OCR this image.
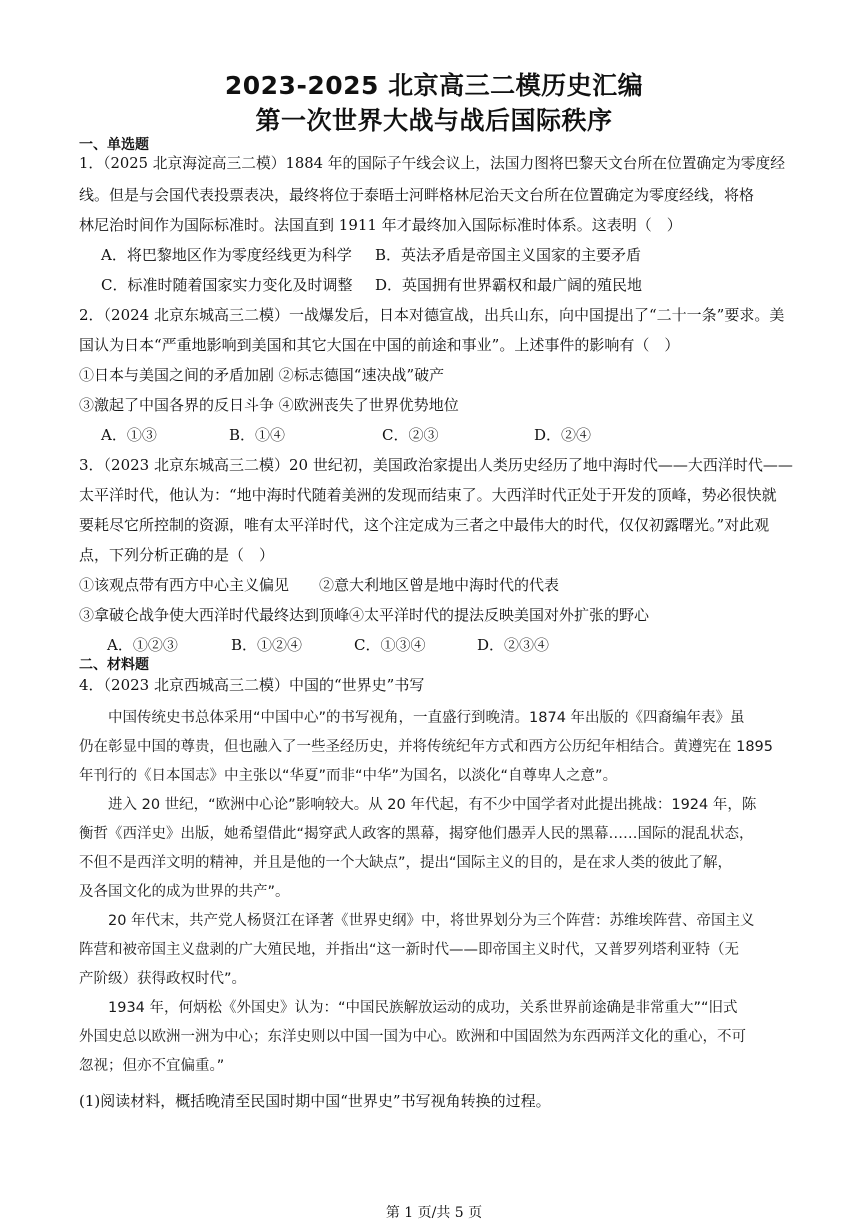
2023-2025 北京高三二模历史汇编
第一次世界大战与战后国际秩序
一、单选题
1．（2025 北京海淀高三二模）1884 年的国际子午线会议上，法国力图将巴黎天文台所在位置确定为零度经
线。但是与会国代表投票表决，最终将位于泰晤士河畔格林尼治天文台所在位置确定为零度经线，将格
林尼治时间作为国际标准时。法国直到 1911 年才最终加入国际标准时体系。这表明（　）
A．将巴黎地区作为零度经线更为科学 B．英法矛盾是帝国主义国家的主要矛盾
C．标准时随着国家实力变化及时调整 D．英国拥有世界霸权和最广阔的殖民地
2．（2024 北京东城高三二模）一战爆发后，日本对德宣战，出兵山东，向中国提出了“二十一条”要求。美
国认为日本“严重地影响到美国和其它大国在中国的前途和事业”。上述事件的影响有（　）
①日本与美国之间的矛盾加剧 ②标志德国“速决战”破产
③激起了中国各界的反日斗争 ④欧洲丧失了世界优势地位
A．①③	B．①④	C．②③	D．②④
3．（2023 北京东城高三二模）20 世纪初，美国政治家提出人类历史经历了地中海时代——大西洋时代——
太平洋时代，他认为：“地中海时代随着美洲的发现而结束了。大西洋时代正处于开发的顶峰，势必很快就
要耗尽它所控制的资源，唯有太平洋时代，这个注定成为三者之中最伟大的时代，仅仅初露曙光。”对此观
点，下列分析正确的是（　）
①该观点带有西方中心主义偏见　　②意大利地区曾是地中海时代的代表
③拿破仑战争使大西洋时代最终达到顶峰④太平洋时代的提法反映美国对外扩张的野心
A．①②③	B．①②④	C．①③④	D．②③④
二、材料题
4．（2023 北京西城高三二模）中国的“世界史”书写
　　中国传统史书总体采用“中国中心”的书写视角，一直盛行到晚清。1874 年出版的《四裔编年表》虽
仍在彰显中国的尊贵，但也融入了一些圣经历史，并将传统纪年方式和西方公历纪年相结合。黄遵宪在 1895
年刊行的《日本国志》中主张以“华夏”而非“中华”为国名，以淡化“自尊卑人之意”。
　　进入 20 世纪，“欧洲中心论”影响较大。从 20 年代起，有不少中国学者对此提出挑战：1924 年，陈
衡哲《西洋史》出版，她希望借此“揭穿武人政客的黑幕，揭穿他们愚弄人民的黑幕……国际的混乱状态，
不但不是西洋文明的精神，并且是他的一个大缺点”，提出“国际主义的目的，是在求人类的彼此了解，
及各国文化的成为世界的共产”。
　　20 年代末，共产党人杨贤江在译著《世界史纲》中，将世界划分为三个阵营：苏维埃阵营、帝国主义
阵营和被帝国主义盘剥的广大殖民地，并指出“这一新时代——即帝国主义时代，又普罗列塔利亚特（无
产阶级）获得政权时代”。
　　1934 年，何炳松《外国史》认为：“中国民族解放运动的成功，关系世界前途确是非常重大”“旧式
外国史总以欧洲一洲为中心；东洋史则以中国一国为中心。欧洲和中国固然为东西两洋文化的重心，不可
忽视；但亦不宜偏重。”
(1)阅读材料，概括晚清至民国时期中国“世界史”书写视角转换的过程。
第 1 页/共 5 页
